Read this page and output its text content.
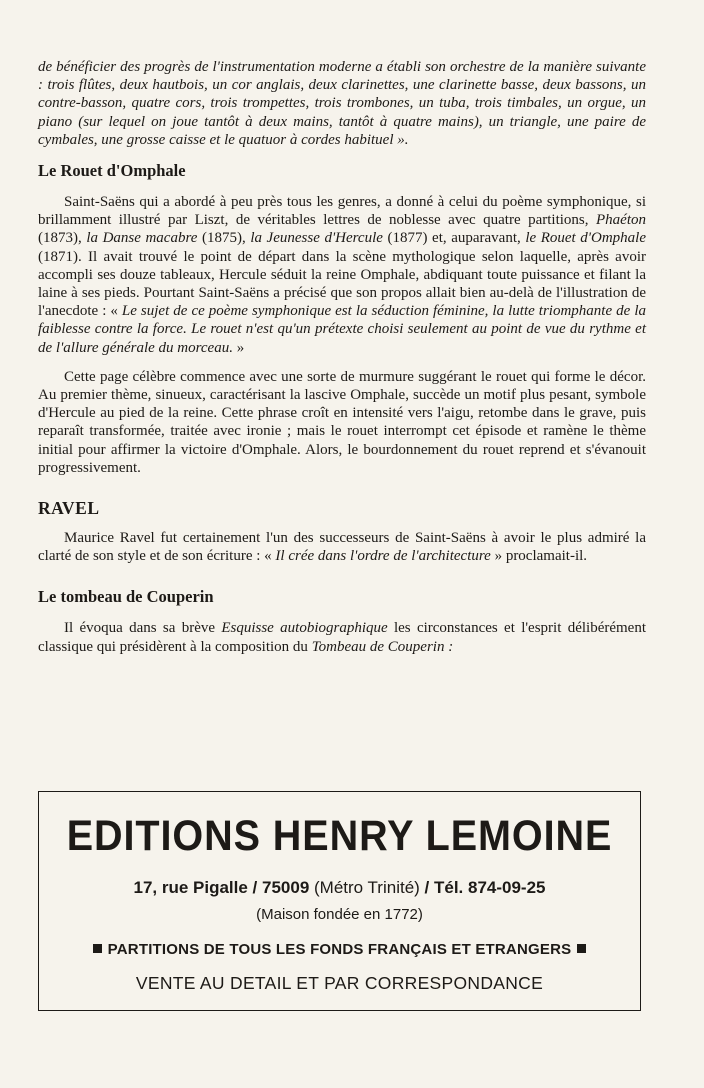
de bénéficier des progrès de l'instrumentation moderne a établi son orchestre de la manière suivante : trois flûtes, deux hautbois, un cor anglais, deux clarinettes, une clarinette basse, deux bassons, un contre-basson, quatre cors, trois trompettes, trois trombones, un tuba, trois timbales, un orgue, un piano (sur lequel on joue tantôt à deux mains, tantôt à quatre mains), un triangle, une paire de cymbales, une grosse caisse et le quatuor à cordes habituel ».

Le Rouet d'Omphale

Saint-Saëns qui a abordé à peu près tous les genres, a donné à celui du poème symphonique, si brillamment illustré par Liszt, de véritables lettres de noblesse avec quatre partitions, Phaéton (1873), la Danse macabre (1875), la Jeunesse d'Hercule (1877) et, auparavant, le Rouet d'Omphale (1871). Il avait trouvé le point de départ dans la scène mythologique selon laquelle, après avoir accompli ses douze tableaux, Hercule séduit la reine Omphale, abdiquant toute puissance et filant la laine à ses pieds. Pourtant Saint-Saëns a précisé que son propos allait bien au-delà de l'illustration de l'anecdote : « Le sujet de ce poème symphonique est la séduction féminine, la lutte triomphante de la faiblesse contre la force. Le rouet n'est qu'un prétexte choisi seulement au point de vue du rythme et de l'allure générale du morceau. »

Cette page célèbre commence avec une sorte de murmure suggérant le rouet qui forme le décor. Au premier thème, sinueux, caractérisant la lascive Omphale, succède un motif plus pesant, symbole d'Hercule au pied de la reine. Cette phrase croît en intensité vers l'aigu, retombe dans le grave, puis reparaît transformée, traitée avec ironie ; mais le rouet interrompt cet épisode et ramène le thème initial pour affirmer la victoire d'Omphale. Alors, le bourdonnement du rouet reprend et s'évanouit progressivement.

RAVEL

Maurice Ravel fut certainement l'un des successeurs de Saint-Saëns à avoir le plus admiré la clarté de son style et de son écriture : « Il crée dans l'ordre de l'architecture » proclamait-il.

Le tombeau de Couperin

Il évoqua dans sa brève Esquisse autobiographique les circonstances et l'esprit délibérément classique qui présidèrent à la composition du Tombeau de Couperin :

EDITIONS HENRY LEMOINE
17, rue Pigalle / 75009 (Métro Trinité) / Tél. 874-09-25
(Maison fondée en 1772)
PARTITIONS DE TOUS LES FONDS FRANÇAIS ET ETRANGERS
VENTE AU DETAIL ET PAR CORRESPONDANCE
